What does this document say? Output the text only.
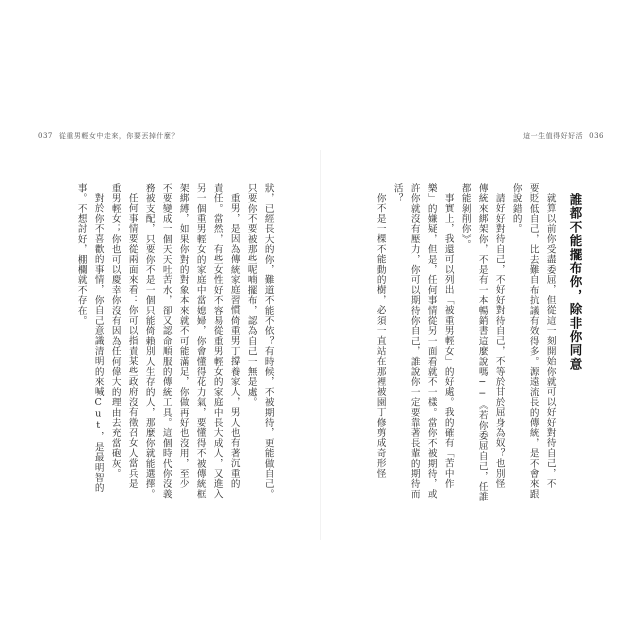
037 從重男輕女中走來，你要丟掉什麼？	這一生值得好好活 036
誰都不能擺布你，除非你同意
就算以前你受盡委屈，但從這一刻開始你就可以好好對待自己，不
要貶低自己，比去難自布抗議有效得多。源遠流長的傳統，是不會來跟
你說錯的。
請好好對待自己，不好好對待自己，不等於甘於屈身為奴？也別怪
傳統來綁架你，不是有一本暢銷書這麼說嗎──《若你委屈自己，任誰
都能剝削你》。
事實上，我還可以列出「被重男輕女」的好處。我的確有「苦中作
樂」的嫌疑，但是，任何事情從另一面看就不一樣。當你不被期待，或
許你就沒有壓力，你可以期待你自己，誰說你一定要靠著長輩的期待而
活？
你不是一棵不能動的樹，必須一直站在那裡被園丁修剪成奇形怪
狀，已經長大的你，難道不能不依？有時候，不被期待，更能做自己。
只要你不要被那些呢喃擺布，認為自己一無是處。
重男，是因為傳統家庭習慣倚重男丁撐養家人，男人也有著沉重的
責任。當然，有些女性好不容易從重男輕女的家庭中長大成人，又進入
另一個重男輕女的家庭中當媳婦，你會懂得花力氣，要懂得不被傳統框
架綁縛，如果你對的對象本來就不可能滿足，你做再好也沒用，至少
不要變成一個天天吐苦水，卻又認命順服的傳統工具。這個時代你沒義
務被支配，只要你不是一個只能倚賴別人生存的人，那麼你就能選擇。
任何事情要從兩面來看：你可以指責某些政府沒有徵召女人當兵是
重男輕女；你也可以慶幸你沒有因為任何偉大的理由去充當砲灰。
對於你不喜歡的事情，你自己意識清明的來喊Cut，是最明智的
事。不想討好，棚欄就不存在。
